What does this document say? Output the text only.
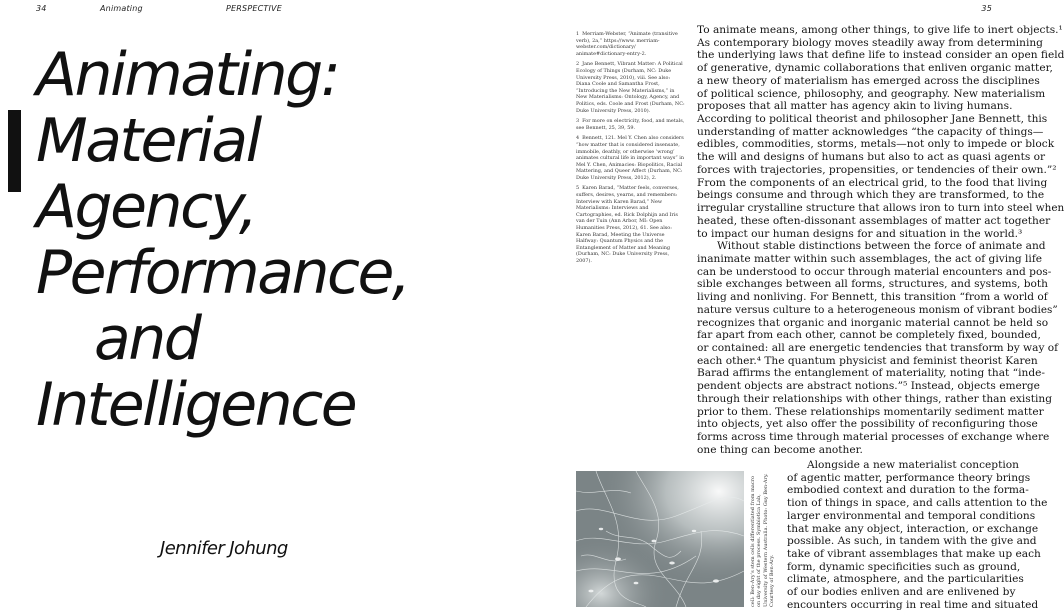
34	Animating	PERSPECTIVE	35
Animating:
Material
Agency,
Performance,
and
Intelligence
Jennifer Johung
1 Merriam-Webster, “Animate (transitive verb), 2a,” https://www. merriam-webster.com/dictionary/ animate#dictionary-entry-2.
2 Jane Bennett, Vibrant Matter: A Political Ecology of Things (Durham, NC: Duke University Press, 2010), viii. See also: Diana Coole and Samantha Frost, “Introducing the New Materialisms,” in New Materialisms: Ontology, Agency, and Politics, eds. Coole and Frost (Durham, NC: Duke University Press, 2010).
3 For more on electricity, food, and metals, see Bennett, 25, 39, 59.
4 Bennett, 121. Mel Y. Chen also considers “how matter that is considered insensate, immobile, deathly, or otherwise ‘wrong’ animates cultural life in important ways” in Mel Y. Chen, Animacies: Biopolitics, Racial Mattering, and Queer Affect (Durham, NC: Duke University Press, 2012), 2.
5 Karen Barad, “Matter feels, converses, suffers, desires, yearns, and remembers: Interview with Karen Barad,” New Materialisms: Interviews and Cartographies, ed. Rick Dolphijn and Iris van der Tuin (Ann Arbor, MI: Open Humanities Press, 2012), 61. See also: Karen Barad, Meeting the Universe Halfway: Quantum Physics and the Entanglement of Matter and Meaning (Durham, NC: Duke University Press, 2007).
To animate means, among other things, to give life to inert objects.¹
As contemporary biology moves steadily away from determining
the underlying laws that define life to instead consider an open field
of generative, dynamic collaborations that enliven organic matter,
a new theory of materialism has emerged across the disciplines
of political science, philosophy, and geography. New materialism
proposes that all matter has agency akin to living humans.
According to political theorist and philosopher Jane Bennett, this
understanding of matter acknowledges “the capacity of things—
edibles, commodities, storms, metals—not only to impede or block
the will and designs of humans but also to act as quasi agents or
forces with trajectories, propensities, or tendencies of their own.”²
From the components of an electrical grid, to the food that living
beings consume and through which they are transformed, to the
irregular crystalline structure that allows iron to turn into steel when
heated, these often-dissonant assemblages of matter act together
to impact our human designs for and situation in the world.³
Without stable distinctions between the force of animate and
inanimate matter within such assemblages, the act of giving life
can be understood to occur through material encounters and pos-
sible exchanges between all forms, structures, and systems, both
living and nonliving. For Bennett, this transition “from a world of
nature versus culture to a heterogeneous monism of vibrant bodies”
recognizes that organic and inorganic material cannot be held so
far apart from each other, cannot be completely fixed, bounded,
or contained: all are energetic tendencies that transform by way of
each other.⁴ The quantum physicist and feminist theorist Karen
Barad affirms the entanglement of materiality, noting that “inde-
pendent objects are abstract notions.”⁵ Instead, objects emerge
through their relationships with other things, rather than existing
prior to them. These relationships momentarily sediment matter
into objects, yet also offer the possibility of reconfiguring those
forms across time through material processes of exchange where
one thing can become another.
cell: Ben-Ary’s stem cells differentiated from macro on day eight of the process. Symbiotica Lab, University of Western Australia. Photo: Guy Ben-Ary. Courtesy of Ben-Ary.
Alongside a new materialist conception
of agentic matter, performance theory brings
embodied context and duration to the forma-
tion of things in space, and calls attention to the
larger environmental and temporal conditions
that make any object, interaction, or exchange
possible. As such, in tandem with the give and
take of vibrant assemblages that make up each
form, dynamic specificities such as ground,
climate, atmosphere, and the particularities
of our bodies enliven and are enlivened by
encounters occurring in real time and situated
